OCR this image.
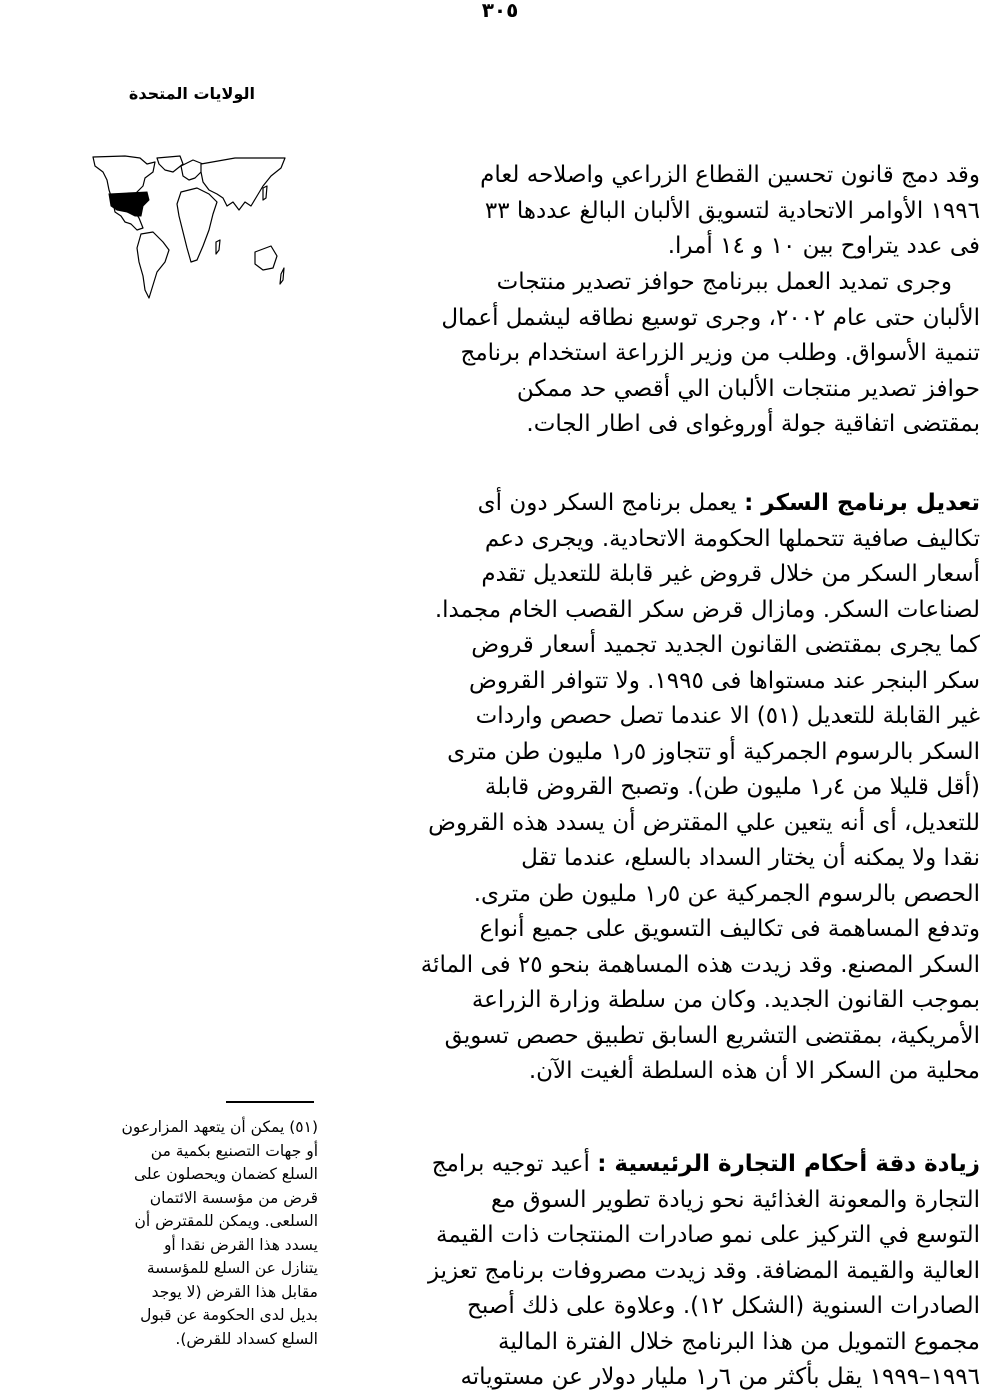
٣٠٥
الولايات المتحدة
وقد دمج قانون تحسين القطاع الزراعي واصلاحه لعام
١٩٩٦ الأوامر الاتحادية لتسويق الألبان البالغ عددها ٣٣
فى عدد يتراوح بين ١٠ و ١٤ أمرا.
وجرى تمديد العمل ببرنامج حوافز تصدير منتجات
الألبان حتى عام ٢٠٠٢، وجرى توسيع نطاقه ليشمل أعمال
تنمية الأسواق. وطلب من وزير الزراعة استخدام برنامج
حوافز تصدير منتجات الألبان الي أقصي حد ممكن
بمقتضى اتفاقية جولة أوروغواى فى اطار الجات.
تعديل برنامج السكر : يعمل برنامج السكر دون أى
تكاليف صافية تتحملها الحكومة الاتحادية. ويجرى دعم
أسعار السكر من خلال قروض غير قابلة للتعديل تقدم
لصناعات السكر. ومازال قرض سكر القصب الخام مجمدا.
كما يجرى بمقتضى القانون الجديد تجميد أسعار قروض
سكر البنجر عند مستواها فى ١٩٩٥. ولا تتوافر القروض
غير القابلة للتعديل (٥١) الا عندما تصل حصص واردات
السكر بالرسوم الجمركية أو تتجاوز ٥ر١ مليون طن مترى
(أقل قليلا من ٤ر١ مليون طن). وتصبح القروض قابلة
للتعديل، أى أنه يتعين علي المقترض أن يسدد هذه القروض
نقدا ولا يمكنه أن يختار السداد بالسلع، عندما تقل
الحصص بالرسوم الجمركية عن ٥ر١ مليون طن مترى.
وتدفع المساهمة فى تكاليف التسويق على جميع أنواع
السكر المصنع. وقد زيدت هذه المساهمة بنحو ٢٥ فى المائة
بموجب القانون الجديد. وكان من سلطة وزارة الزراعة
الأمريكية، بمقتضى التشريع السابق تطبيق حصص تسويق
محلية من السكر الا أن هذه السلطة ألغيت الآن.
زيادة دقة أحكام التجارة الرئيسية : أعيد توجيه برامج
التجارة والمعونة الغذائية نحو زيادة تطوير السوق مع
التوسع في التركيز على نمو صادرات المنتجات ذات القيمة
العالية والقيمة المضافة. وقد زيدت مصروفات برنامج تعزيز
الصادرات السنوية (الشكل ١٢). وعلاوة على ذلك أصبح
مجموع التمويل من هذا البرنامج خلال الفترة المالية
١٩٩٦–١٩٩٩ يقل بأكثر من ٦ر١ مليار دولار عن مستوياته
(٥١) يمكن أن يتعهد المزارعون
أو جهات التصنيع بكمية من
السلع كضمان ويحصلون على
قرض من مؤسسة الائتمان
السلعى. ويمكن للمقترض أن
يسدد هذا القرض نقدا أو
يتنازل عن السلع للمؤسسة
مقابل هذا القرض (لا يوجد
بديل لدى الحكومة عن قبول
السلع كسداد للقرض).
